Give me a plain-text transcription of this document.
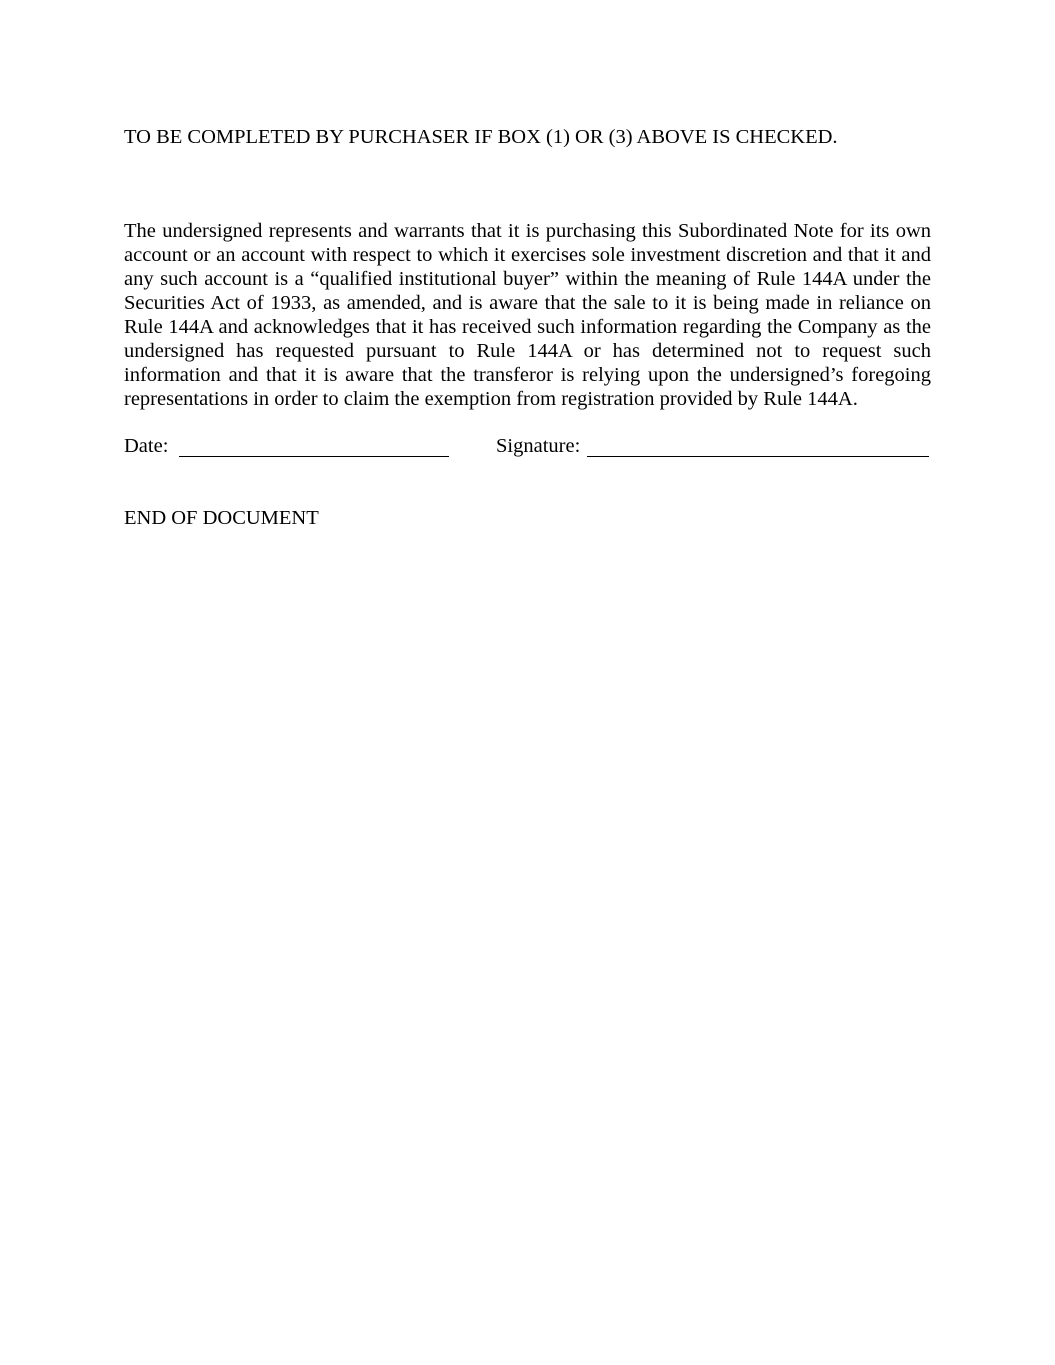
TO BE COMPLETED BY PURCHASER IF BOX (1) OR (3) ABOVE IS CHECKED.

The undersigned represents and warrants that it is purchasing this Subordinated Note for its own account or an account with respect to which it exercises sole investment discretion and that it and any such account is a “qualified institutional buyer” within the meaning of Rule 144A under the Securities Act of 1933, as amended, and is aware that the sale to it is being made in reliance on Rule 144A and acknowledges that it has received such information regarding the Company as the undersigned has requested pursuant to Rule 144A or has determined not to request such information and that it is aware that the transferor is relying upon the undersigned’s foregoing representations in order to claim the exemption from registration provided by Rule 144A.

Date:	Signature:
END OF DOCUMENT
